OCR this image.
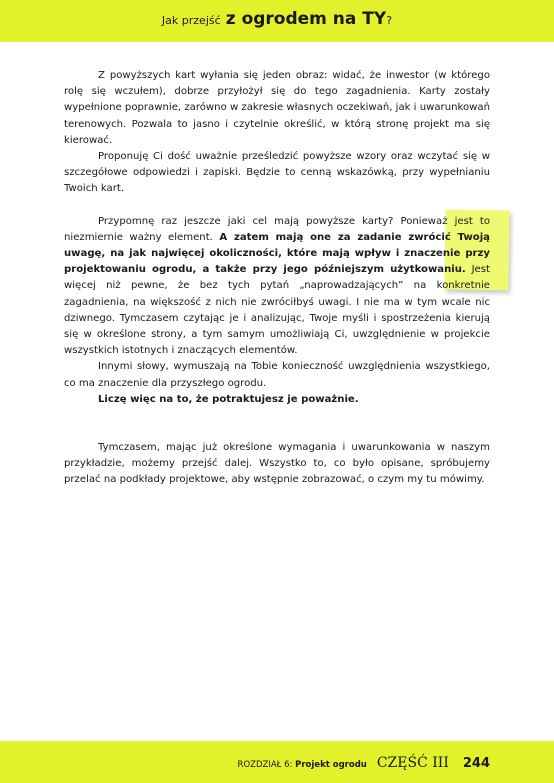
Jak przejść z ogrodem na TY?

Z powyższych kart wyłania się jeden obraz: widać, że inwestor (w którego rolę się wczułem), dobrze przyłożył się do tego zagadnienia. Karty zostały wypełnione poprawnie, zarówno w zakresie własnych oczekiwań, jak i uwarunkowań terenowych. Pozwala to jasno i czytelnie określić, w którą stronę projekt ma się kierować.

Proponuję Ci dość uważnie prześledzić powyższe wzory oraz wczytać się w szczegółowe odpowiedzi i zapiski. Będzie to cenną wskazówką, przy wypełnianiu Twoich kart.

Przypomnę raz jeszcze jaki cel mają powyższe karty? Ponieważ jest to niezmiernie ważny element. A zatem mają one za zadanie zwrócić Twoją uwagę, na jak najwięcej okoliczności, które mają wpływ i znaczenie przy projektowaniu ogrodu, a także przy jego późniejszym użytkowaniu. Jest więcej niż pewne, że bez tych pytań „naprowadzających” na konkretnie zagadnienia, na większość z nich nie zwróciłbyś uwagi. I nie ma w tym wcale nic dziwnego. Tymczasem czytając je i analizując, Twoje myśli i spostrzeżenia kierują się w określone strony, a tym samym umożliwiają Ci, uwzględnienie w projekcie wszystkich istotnych i znaczących elementów.

Innymi słowy, wymuszają na Tobie konieczność uwzględnienia wszystkiego, co ma znaczenie dla przyszłego ogrodu.

Liczę więc na to, że potraktujesz je poważnie.

Tymczasem, mając już określone wymagania i uwarunkowania w naszym przykładzie, możemy przejść dalej. Wszystko to, co było opisane, spróbujemy przelać na podkłady projektowe, aby wstępnie zobrazować, o czym my tu mówimy.

ROZDZIAŁ 6: Projekt ogrodu CZĘŚĆ III 244
